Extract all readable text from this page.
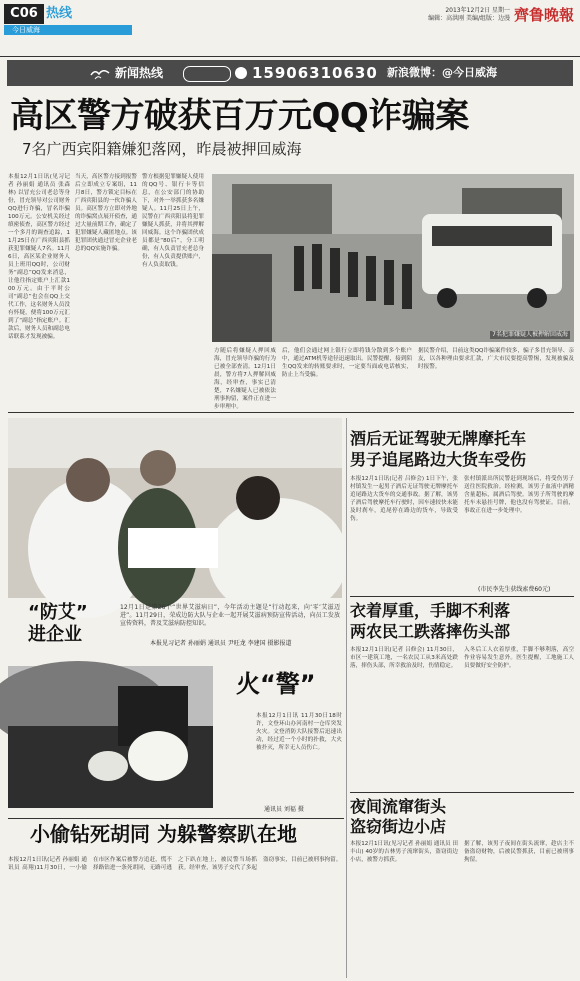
C06 热线
今日威海
2013年12月2日 星期一
编辑：高洪刚 美编/组版：边漫 齊鲁晚報
新闻热线	15906310630 新浪微博：@今日威海
高区警方破获百万元QQ诈骗案
7名广西宾阳籍嫌犯落网，昨晨被押回威海
本报12月1日讯(见习记者 孙丽娟 通讯员 张森林) 以冒充公司老总等身份，冒充领导对公司财务QQ进行诈骗，冒名诈骗100万元。公安机关经过缜密侦查，高区警方经过一个多月的调查追踪，11月25日在广西宾阳县抓获犯罪嫌疑人7名。11月6日，高区某企业财务人员上班用QQ时，公司财务“副总”QQ发来消息，让他往指定账户上汇款100万元。由于平时公司“副总”也会在QQ上交代工作，这名财务人员没有怀疑，便将100万元汇到了“副总”指定账户。汇款后，财务人员和副总电话联系才发现被骗。
当天，高区警方接到报警后立即成立专案组，11月8日，警方锁定目标在广西宾阳县的一伙诈骗人员。高区警方立即对外地的诈骗窝点展开侦查，通过大量前期工作，确定了犯罪嫌疑人藏匿地点。该犯罪团伙通过冒充企业老总的QQ实施诈骗。
警方根据犯罪嫌疑人使用的QQ号、银行卡等信息，在公安部门的协助下，对外一举抓获多名嫌疑人。11月25日上午，民警在广西宾阳县将犯罪嫌疑人抓获，并将其押解回威海。这个诈骗团伙成员都是“80后”，分工明确，有人负责冒充老总身份，有人负责提供账户，有人负责取钱。
方随后将嫌疑人押回威海，冒充领导诈骗的行为已被全部查清。12月1日晨，警方将7人押解回威海，经审查，事实已清楚，7名嫌疑人已被依法刑事拘留，案件正在进一步审理中。
后，他们会通过网上银行立即将钱分散到多个账户中，通过ATM机等途径迅速取出。民警提醒，接到陌生QQ发来的转账要求时，一定要当面或电话核实，防止上当受骗。
据民警介绍，目前这类QQ诈骗案件较多，骗子多冒充领导、亲友，以各种理由要求汇款，广大市民要提高警惕，发现被骗及时报警。
7名犯罪嫌疑人被押解回威海
“防艾”
进企业
12月1日是第26个“世界艾滋病日”，今年活动主题是“行动起来，向‘零’艾滋迈进”。11月29日，荣成边防大队与企业一起开展艾滋病预防宣传活动，向员工发放宣传资料，普及艾滋病防控知识。
本报见习记者 孙丽娟 通讯员 尹旺龙 李建国 摄影报道
酒后无证驾驶无牌摩托车
男子追尾路边大货车受伤
本报12月1日讯(记者 吕修会) 1日下午，张村镇发生一起男子酒后无证驾驶无牌摩托车追尾路边大货车的交通事故。据了解，该男子酒后驾驶摩托车行驶时，因车速较快未能及时刹车，追尾停在路边的货车，导致受伤。
张村镇派出所民警赶到现场后，将受伤男子送往医院救治。经检测，该男子血液中酒精含量超标，属酒后驾驶。该男子所驾驶的摩托车未悬挂号牌，他也没有驾驶证。目前，事故正在进一步处理中。
(市民李先生获线索费60元)
衣着厚重，手脚不利落
两农民工跌落摔伤头部
本报12月1日讯(记者 吕修会) 11月30日，市区一建筑工地，一名农民工从3米高处跌落，摔伤头部，所幸救治及时，伤情稳定。
入冬后工人衣着厚重，手脚不够利落，高空作业容易发生意外。医生提醒，工地施工人员要做好安全防护。
火“警”
本报12月1日讯 11月30日18时许，文登环山办河南村一仓库突发火灾。文登消防大队接警后迅速出动，经过近一个小时的扑救，大火被扑灭，所幸无人员伤亡。
通讯员 刘福 摄	夜间流窜街头
盗窃街边小店
本报12月1日讯(见习记者 孙丽娟 通讯员 田丰山) 40岁的吉林男子流窜街头，盗窃街边小店，被警方抓获。
据了解，该男子夜间在街头流窜，趁店主不备盗窃财物，后被民警抓获，目前已被刑事拘留。
小偷钻死胡同 为躲警察趴在地
本报12月1日讯(记者 孙丽娟 通讯员 高翔)11月30日，一小偷在市区作案后被警方追赶，慌不择路钻进一条死胡同，无路可逃之下趴在地上，被民警当场抓获。经审查，该男子交代了多起盗窃事实，目前已被刑事拘留。
